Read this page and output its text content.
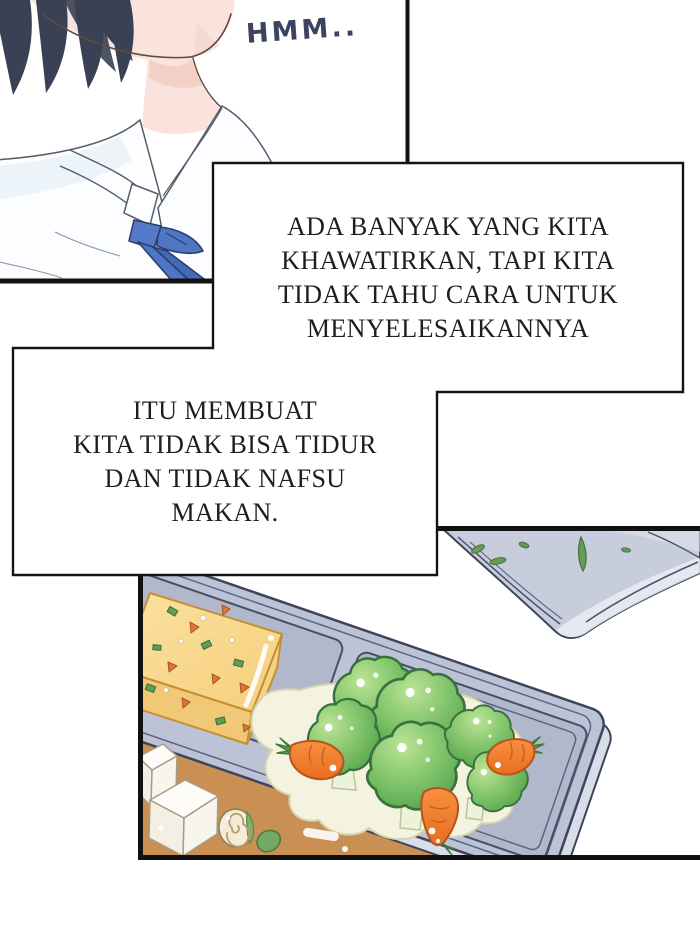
HMM..
ADA BANYAK YANG KITA
KHAWATIRKAN, TAPI KITA
TIDAK TAHU CARA UNTUK
MENYELESAIKANNYA
ITU MEMBUAT
KITA TIDAK BISA TIDUR
DAN TIDAK NAFSU
MAKAN.
